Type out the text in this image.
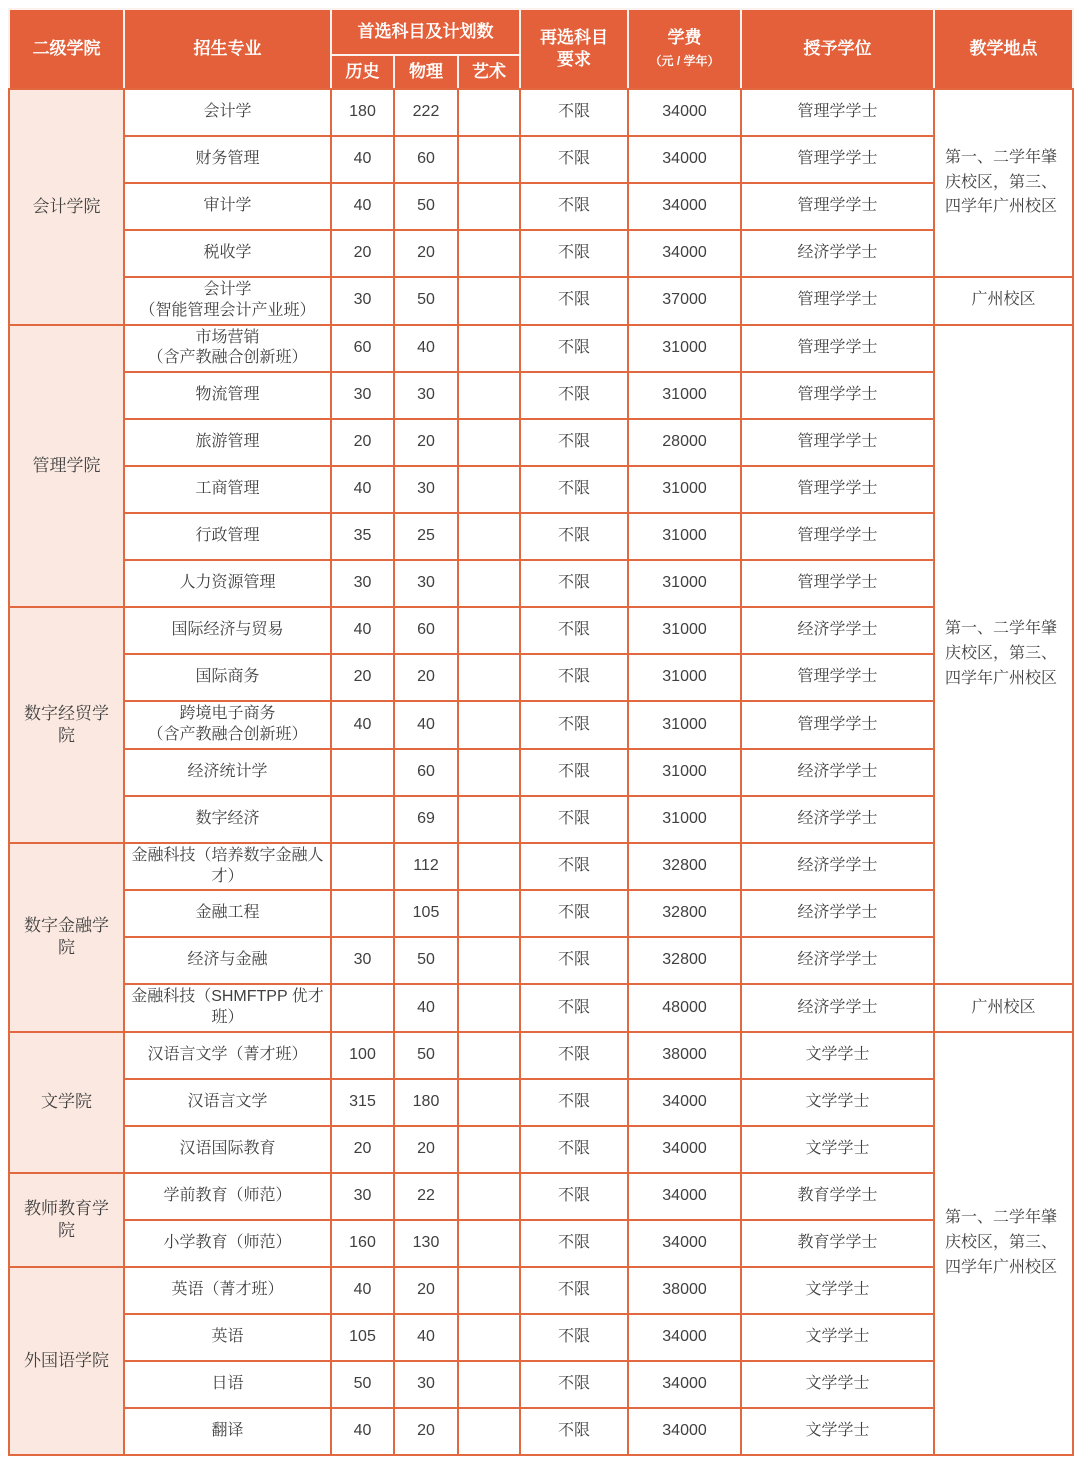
二级学院	招生专业	首选科目及计划数			再选科目
要求	学费
（元 / 学年）	授予学位	教学地点
		历史	物理	艺术				
会计学院	会计学	180	222		不限	34000	管理学学士	第一、二学年肇庆校区，第三、四学年广州校区
	财务管理	40	60		不限	34000	管理学学士	
	审计学	40	50		不限	34000	管理学学士	
	税收学	20	20		不限	34000	经济学学士	
	会计学
（智能管理会计产业班）	30	50		不限	37000	管理学学士	广州校区
管理学院	市场营销
（含产教融合创新班）	60	40		不限	31000	管理学学士	第一、二学年肇庆校区，第三、四学年广州校区
	物流管理	30	30		不限	31000	管理学学士	
	旅游管理	20	20		不限	28000	管理学学士	
	工商管理	40	30		不限	31000	管理学学士	
	行政管理	35	25		不限	31000	管理学学士	
	人力资源管理	30	30		不限	31000	管理学学士	
数字经贸学院	国际经济与贸易	40	60		不限	31000	经济学学士	
	国际商务	20	20		不限	31000	管理学学士	
	跨境电子商务
（含产教融合创新班）	40	40		不限	31000	管理学学士	
	经济统计学		60		不限	31000	经济学学士	
	数字经济		69		不限	31000	经济学学士	
数字金融学院	金融科技（培养数字金融人才）		112		不限	32800	经济学学士	
	金融工程		105		不限	32800	经济学学士	
	经济与金融	30	50		不限	32800	经济学学士	
	金融科技（SHMFTPP 优才班）		40		不限	48000	经济学学士	广州校区
文学院	汉语言文学（菁才班）	100	50		不限	38000	文学学士	第一、二学年肇庆校区，第三、四学年广州校区
	汉语言文学	315	180		不限	34000	文学学士	
	汉语国际教育	20	20		不限	34000	文学学士	
教师教育学院	学前教育（师范）	30	22		不限	34000	教育学学士	
	小学教育（师范）	160	130		不限	34000	教育学学士	
外国语学院	英语（菁才班）	40	20		不限	38000	文学学士	
	英语	105	40		不限	34000	文学学士	
	日语	50	30		不限	34000	文学学士	
	翻译	40	20		不限	34000	文学学士	
